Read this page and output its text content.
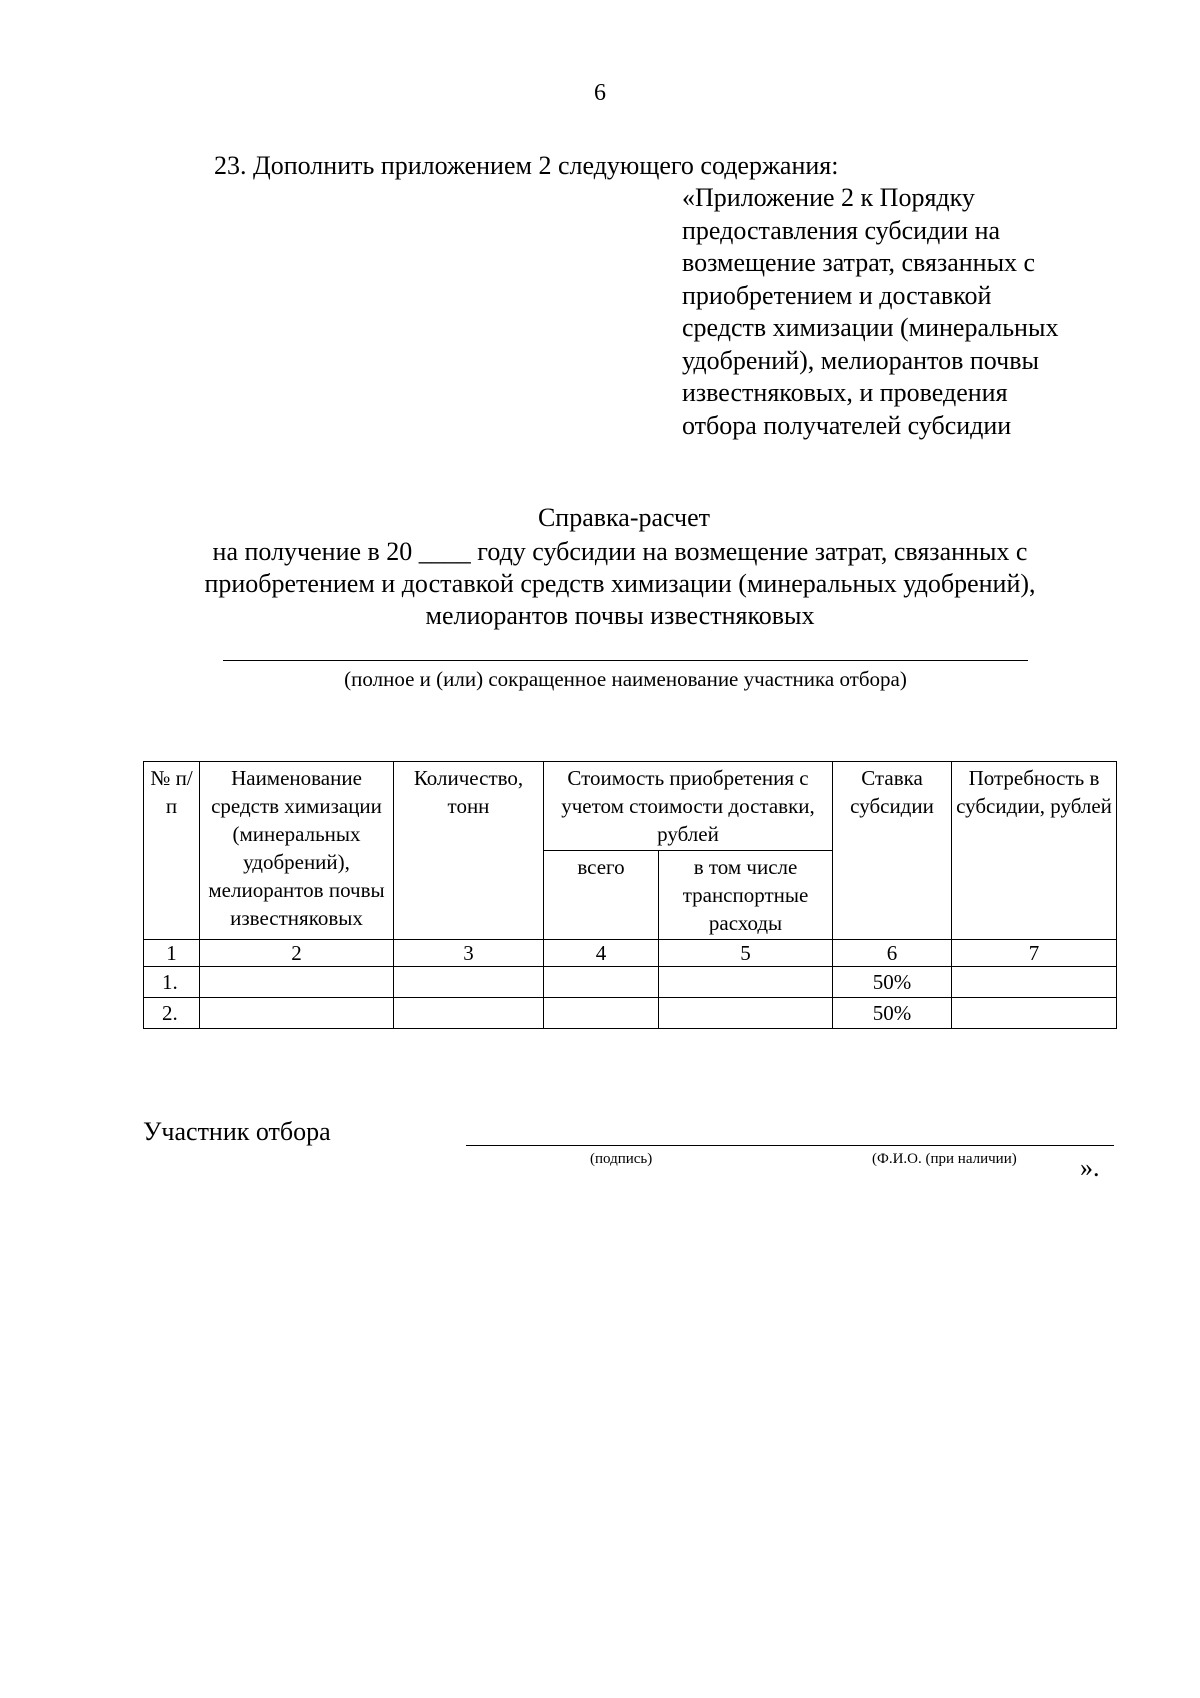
6
23. Дополнить приложением 2 следующего содержания:
«Приложение 2 к Порядку
предоставления субсидии на
возмещение затрат, связанных с
приобретением и доставкой
средств химизации (минеральных
удобрений), мелиорантов почвы
известняковых, и проведения
отбора получателей субсидии
Справка-расчет
на получение в 20 ____ году субсидии на возмещение затрат, связанных с
приобретением и доставкой средств химизации (минеральных удобрений),
мелиорантов почвы известняковых
(полное и (или) сокращенное наименование участника отбора)
№ п/п	Наименование средств химизации (минеральных удобрений), мелиорантов почвы известняковых	Количество, тонн	Стоимость приобретения с учетом стоимости доставки, рублей		Ставка субсидии	Потребность в субсидии, рублей
			всего	в том числе транспортные расходы		
1	2	3	4	5	6	7
1.					50%	
2.					50%	
Участник отбора
(подпись)	(Ф.И.О. (при наличии) ».
